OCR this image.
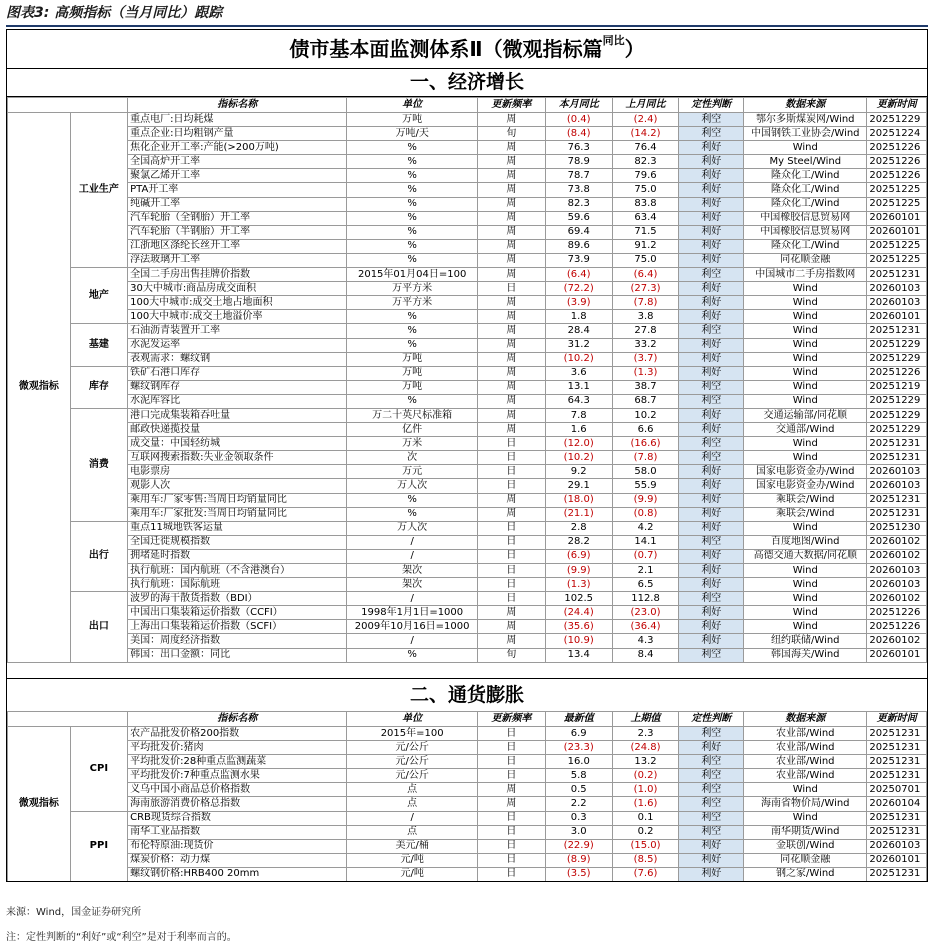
图表3: 高频指标（当月同比）跟踪
债市基本面监测体系Ⅱ（微观指标篇$^{同比}$）
一、经济增长
		指标名称	单位	更新频率	本月同比	上月同比	定性判断	数据来源	更新时间
微观指标	工业生产	重点电厂:日均耗煤	万吨	周	(0.4)	(2.4)	利空	鄂尔多斯煤炭网/Wind	20251229
		重点企业:日均粗钢产量	万吨/天	旬	(8.4)	(14.2)	利空	中国钢铁工业协会/Wind	20251224
		焦化企业开工率:产能(>200万吨)	%	周	76.3	76.4	利好	Wind	20251226
		全国高炉开工率	%	周	78.9	82.3	利好	My Steel/Wind	20251226
		聚氯乙烯开工率	%	周	78.7	79.6	利好	隆众化工/Wind	20251226
		PTA开工率	%	周	73.8	75.0	利好	隆众化工/Wind	20251225
		纯碱开工率	%	周	82.3	83.8	利好	隆众化工/Wind	20251225
		汽车轮胎（全钢胎）开工率	%	周	59.6	63.4	利好	中国橡胶信息贸易网	20260101
		汽车轮胎（半钢胎）开工率	%	周	69.4	71.5	利好	中国橡胶信息贸易网	20260101
		江浙地区涤纶长丝开工率	%	周	89.6	91.2	利好	隆众化工/Wind	20251225
		浮法玻璃开工率	%	周	73.9	75.0	利好	同花顺金融	20251225
	地产	全国二手房出售挂牌价指数	2015年01月04日=100	周	(6.4)	(6.4)	利空	中国城市二手房指数网	20251231
		30大中城市:商品房成交面积	万平方米	日	(72.2)	(27.3)	利好	Wind	20260103
		100大中城市:成交土地占地面积	万平方米	周	(3.9)	(7.8)	利好	Wind	20260103
		100大中城市:成交土地溢价率	%	周	1.8	3.8	利好	Wind	20260101
	基建	石油沥青装置开工率	%	周	28.4	27.8	利空	Wind	20251231
		水泥发运率	%	周	31.2	33.2	利好	Wind	20251229
		表观需求：螺纹钢	万吨	周	(10.2)	(3.7)	利好	Wind	20251229
	库存	铁矿石港口库存	万吨	周	3.6	(1.3)	利好	Wind	20251226
		螺纹钢库存	万吨	周	13.1	38.7	利空	Wind	20251219
		水泥库容比	%	周	64.3	68.7	利空	Wind	20251229
	消费	港口完成集装箱吞吐量	万二十英尺标准箱	周	7.8	10.2	利好	交通运输部/同花顺	20251229
		邮政快递揽投量	亿件	周	1.6	6.6	利好	交通部/Wind	20251229
		成交量：中国轻纺城	万米	日	(12.0)	(16.6)	利空	Wind	20251231
		互联网搜索指数:失业金领取条件	次	日	(10.2)	(7.8)	利空	Wind	20251231
		电影票房	万元	日	9.2	58.0	利好	国家电影资金办/Wind	20260103
		观影人次	万人次	日	29.1	55.9	利好	国家电影资金办/Wind	20260103
		乘用车:厂家零售:当周日均销量同比	%	周	(18.0)	(9.9)	利好	乘联会/Wind	20251231
		乘用车:厂家批发:当周日均销量同比	%	周	(21.1)	(0.8)	利好	乘联会/Wind	20251231
	出行	重点11城地铁客运量	万人次	日	2.8	4.2	利好	Wind	20251230
		全国迁徙规模指数	/	日	28.2	14.1	利空	百度地图/Wind	20260102
		拥堵延时指数	/	日	(6.9)	(0.7)	利好	高德交通大数据/同花顺	20260102
		执行航班：国内航班（不含港澳台）	架次	日	(9.9)	2.1	利好	Wind	20260103
		执行航班：国际航班	架次	日	(1.3)	6.5	利好	Wind	20260103
	出口	波罗的海干散货指数（BDI）	/	日	102.5	112.8	利空	Wind	20260102
		中国出口集装箱运价指数（CCFI）	1998年1月1日=1000	周	(24.4)	(23.0)	利好	Wind	20251226
		上海出口集装箱运价指数（SCFI）	2009年10月16日=1000	周	(35.6)	(36.4)	利好	Wind	20251226
		美国：周度经济指数	/	周	(10.9)	4.3	利好	纽约联储/Wind	20260102
		韩国：出口金额：同比	%	旬	13.4	8.4	利空	韩国海关/Wind	20260101
二、通货膨胀
		指标名称	单位	更新频率	最新值	上期值	定性判断	数据来源	更新时间
微观指标	CPI	农产品批发价格200指数	2015年=100	日	6.9	2.3	利空	农业部/Wind	20251231
		平均批发价:猪肉	元/公斤	日	(23.3)	(24.8)	利好	农业部/Wind	20251231
		平均批发价:28种重点监测蔬菜	元/公斤	日	16.0	13.2	利空	农业部/Wind	20251231
		平均批发价:7种重点监测水果	元/公斤	日	5.8	(0.2)	利空	农业部/Wind	20251231
		义乌中国小商品总价格指数	点	周	0.5	(1.0)	利空	Wind	20250701
		海南旅游消费价格总指数	点	周	2.2	(1.6)	利空	海南省物价局/Wind	20260104
	PPI	CRB现货综合指数	/	日	0.3	0.1	利空	Wind	20251231
		南华工业品指数	点	日	3.0	0.2	利空	南华期货/Wind	20251231
		布伦特原油:现货价	美元/桶	日	(22.9)	(15.0)	利好	金联创/Wind	20260103
		煤炭价格：动力煤	元/吨	日	(8.9)	(8.5)	利好	同花顺金融	20260101
		螺纹钢价格:HRB400 20mm	元/吨	日	(3.5)	(7.6)	利好	钢之家/Wind	20251231
来源：Wind，国金证券研究所
注：定性判断的“利好”或“利空”是对于利率而言的。
